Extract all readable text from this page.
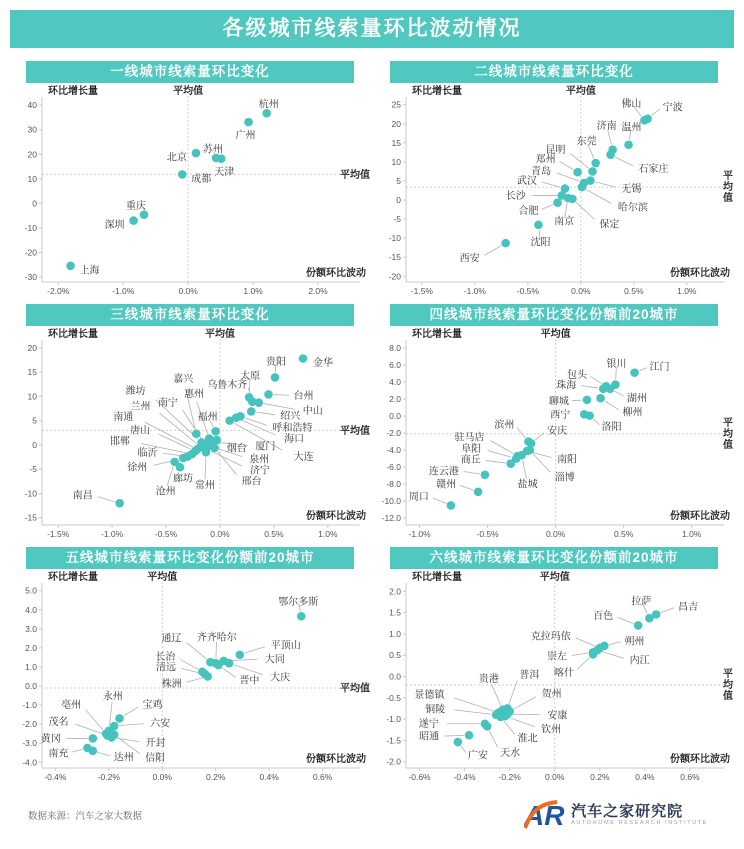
各级城市线索量环比波动情况
一线城市线索量环比变化
-30
-20
-10
0
10
20
30
40
-2.0%	-1.0%	0.0%	1.0%	2.0%
环比增长量	平均值
份额环比波动
平均值
上海
深圳
重庆
成都
北京
苏州
天津
广州
杭州
二线城市线索量环比变化
-20
-15
-10
-5
0
5
10
15
20
25
-1.5%	-1.0%	-0.5%	0.0%	0.5%	1.0%
环比增长量	平均值
份额环比波动
平
均
值
西安
沈阳
合肥
长沙
武汉
南京	保定
哈尔滨
青岛
无锡
郑州
昆明
东莞
石家庄
济南 温州
佛山 宁波
三线城市线索量环比变化
-15
-10
-5
0
5
10
15
20
-1.5%	-1.0%	-0.5%	0.0%	0.5%	1.0%
环比增长量	平均值
份额环比波动
平均值
金华
贵阳
台州
太原
乌鲁木齐
中山
绍兴
呼和浩特
海口
大连
福州
嘉兴
惠州
烟台 厦门
潍坊
南宁
兰州
南通
唐山
邯郸
临沂
徐州
沧州
廊坊
常州
泉州
济宁
邢台
南昌
四线城市线索量环比变化份额前20城市
-12.0
-10.0
-8.0
-6.0
-4.0
-2.0
0.0
2.0
4.0
6.0
8.0
-1.0%	-0.5%	0.0%	0.5%	1.0%
环比增长量	平均值
份额环比波动
平
均
值
江门
银川
包头
珠海
湖州
柳州
聊城
西宁
洛阳
滨州
安庆
驻马店
阜阳
商丘	南阳
连云港
盐城
淄博
赣州
周口
五线城市线索量环比变化份额前20城市
-4.0
-3.0
-2.0
-1.0
0.0
1.0
2.0
3.0
4.0
5.0
-0.4%	-0.2%	0.0%	0.2%	0.4%	0.6%
环比增长量	平均值
份额环比波动
平均值
鄂尔多斯
平顶山
通辽 齐齐哈尔
大同
大庆
晋中
长治
清远
株洲
宝鸡
六安
永州
亳州
茂名
黄冈	开封
信阳
南充	达州
六线城市线索量环比变化份额前20城市
-2.0
-1.5
-1.0
-0.5
0.0
0.5
1.0
1.5
2.0
-0.6%	-0.4%	-0.2%	0.0%	0.2%	0.4%	0.6%
环比增长量	平均值
份额环比波动
平
均
值
昌吉
拉萨
百色
克拉玛依	朔州
崇左	内江
喀什
普洱
贵港
贺州
景德镇
铜陵
安康
遂宁	钦州
昭通	淮北
广安 天水
数据来源：汽车之家大数据	AR 汽车之家研究院
AUTOHOME RESEARCH INSTITUTE
